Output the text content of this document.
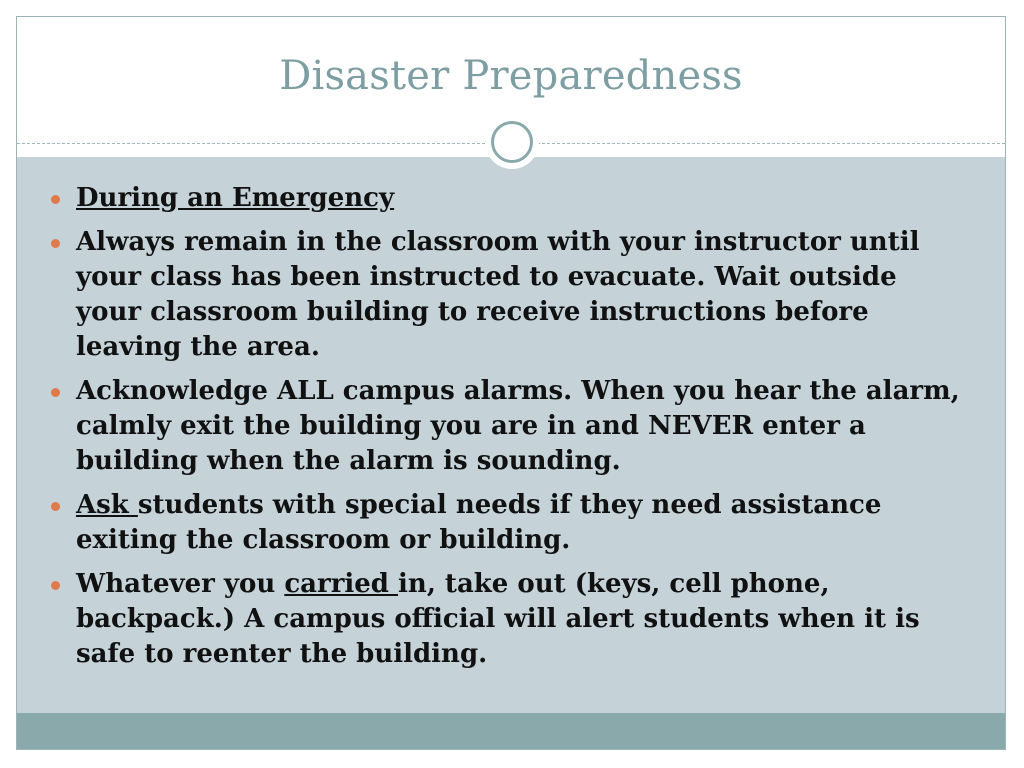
Disaster Preparedness
During an Emergency
Always remain in the classroom with your instructor until your class has been instructed to evacuate. Wait outside your classroom building to receive instructions before leaving the area.
Acknowledge ALL campus alarms. When you hear the alarm, calmly exit the building you are in and NEVER enter a building when the alarm is sounding.
Ask students with special needs if they need assistance exiting the classroom or building.
Whatever you carried in, take out (keys, cell phone, backpack.) A campus official will alert students when it is safe to reenter the building.
